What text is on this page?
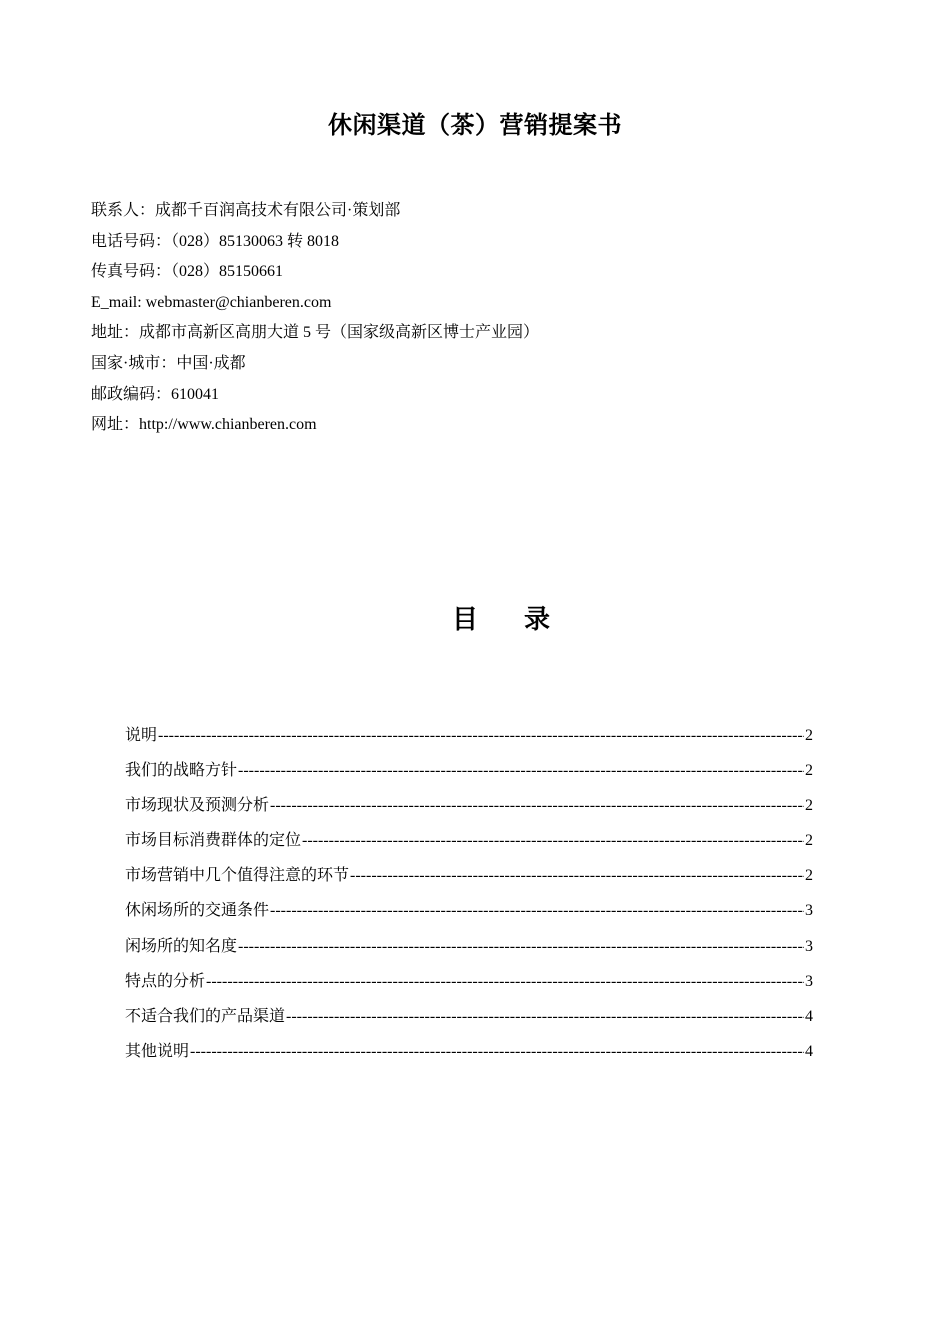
休闲渠道（茶）营销提案书
联系人：成都千百润高技术有限公司·策划部
电话号码：（028）85130063 转 8018
传真号码：（028）85150661
E_mail: webmaster@chianberen.com
地址：成都市高新区高朋大道 5 号（国家级高新区博士产业园）
国家·城市：中国·成都
邮政编码：610041
网址：http://www.chianberen.com
目 录
说明 -----	2
我们的战略方针 -----	2
市场现状及预测分析 -----	2
市场目标消费群体的定位 -----	2
市场营销中几个值得注意的环节 -----	2
休闲场所的交通条件 -----	3
闲场所的知名度 -----	3
特点的分析 -----	3
不适合我们的产品渠道 -----	4
其他说明 -----	4
